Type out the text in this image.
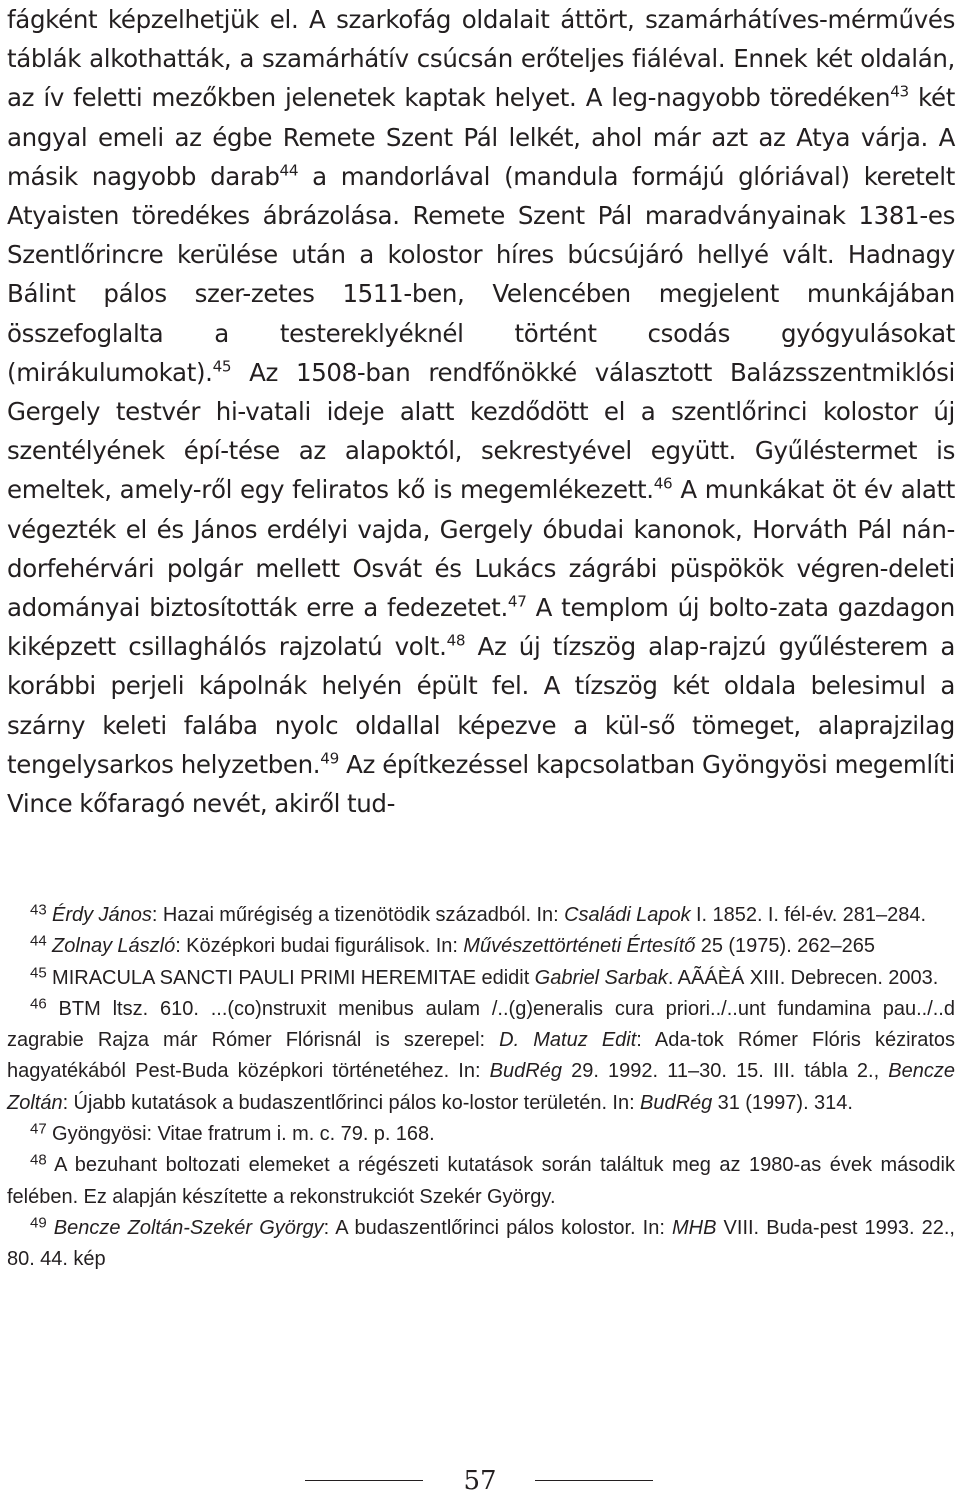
fágként képzelhetjük el. A szarkofág oldalait áttört, szamárhátíves-mérművés táblák alkothatták, a szamárhátív csúcsán erőteljes fiáléval. Ennek két oldalán, az ív feletti mezőkben jelenetek kaptak helyet. A leg-nagyobb töredéken$^{43}$ két angyal emeli az égbe Remete Szent Pál lelkét, ahol már azt az Atya várja. A másik nagyobb darab$^{44}$ a mandorlával (mandula formájú glóriával) keretelt Atyaisten töredékes ábrázolása. Remete Szent Pál maradványainak 1381-es Szentlőrincre kerülése után a kolostor híres búcsújáró hellyé vált. Hadnagy Bálint pálos szer-zetes 1511-ben, Velencében megjelent munkájában összefoglalta a testereklyéknél történt csodás gyógyulásokat (mirákulumokat).$^{45}$ Az 1508-ban rendfőnökké választott Balázsszentmiklósi Gergely testvér hi-vatali ideje alatt kezdődött el a szentlőrinci kolostor új szentélyének épí-tése az alapoktól, sekrestyével együtt. Gyűléstermet is emeltek, amely-ről egy feliratos kő is megemlékezett.$^{46}$ A munkákat öt év alatt végezték el és János erdélyi vajda, Gergely óbudai kanonok, Horváth Pál nán-dorfehérvári polgár mellett Osvát és Lukács zágrábi püspökök végren-deleti adományai biztosították erre a fedezetet.$^{47}$ A templom új bolto-zata gazdagon kiképzett csillaghálós rajzolatú volt.$^{48}$ Az új tízszög alap-rajzú gyűlésterem a korábbi perjeli kápolnák helyén épült fel. A tízszög két oldala belesimul a szárny keleti falába nyolc oldallal képezve a kül-ső tömeget, alaprajzilag tengelysarkos helyzetben.$^{49}$ Az építkezéssel kapcsolatban Gyöngyösi megemlíti Vince kőfaragó nevét, akiről tud-

$^{43}$ Érdy János: Hazai műrégiség a tizenötödik századból. In: Családi Lapok I. 1852. I. fél-év. 281–284.

$^{44}$ Zolnay László: Középkori budai figurálisok. In: Művészettörténeti Értesítő 25 (1975). 262–265

$^{45}$ MIRACULA SANCTI PAULI PRIMI HEREMITAE edidit Gabriel Sarbak. AÃÁÈÁ XIII. Debrecen. 2003.

$^{46}$ BTM ltsz. 610. ...(co)nstruxit menibus aulam /..(g)eneralis cura priori../..unt fundamina pau../..d zagrabie Rajza már Rómer Flórisnál is szerepel: D. Matuz Edit: Ada-tok Rómer Flóris kéziratos hagyatékából Pest-Buda középkori történetéhez. In: BudRég 29. 1992. 11–30. 15. III. tábla 2., Bencze Zoltán: Újabb kutatások a budaszentlőrinci pálos ko-lostor területén. In: BudRég 31 (1997). 314.

$^{47}$ Gyöngyösi: Vitae fratrum i. m. c. 79. p. 168.

$^{48}$ A bezuhant boltozati elemeket a régészeti kutatások során találtuk meg az 1980-as évek második felében. Ez alapján készítette a rekonstrukciót Szekér György.

$^{49}$ Bencze Zoltán-Szekér György: A budaszentlőrinci pálos kolostor. In: MHB VIII. Buda-pest 1993. 22., 80. 44. kép

57
